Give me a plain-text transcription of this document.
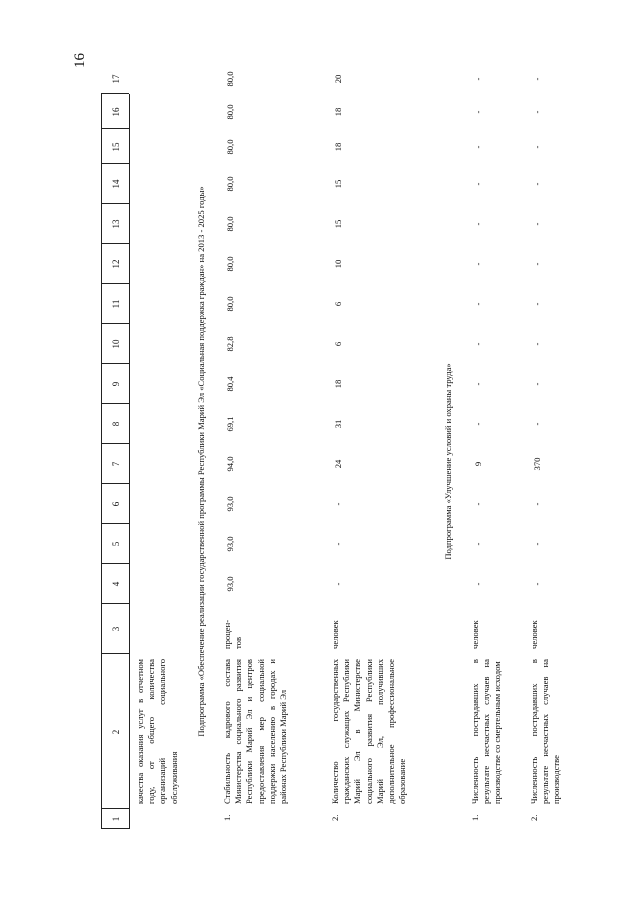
16
1
2
3
4
5
6
7
8
9
10
11
12
13
14
15
16
17
качества оказания услуг в отчетном году, от общего количества организаций социального обслуживания
Подпрограмма «Обеспечение реализации государственной программы Республики Марий Эл «Социальная поддержка граждан» на 2013 - 2025 годы»
1.
Стабильность кадрового состава Министерства социального развития Республики Марий Эл и центров предоставления мер социальной поддержки населению в городах и районах Республики Марий Эл
процен- тов
93,0
93,0
93,0
94,0
69,1
80,4
82,8
80,0
80,0
80,0
80,0
80,0
80,0
80,0
2.
Количество государственных гражданских служащих Республики Марий Эл в Министерстве социального развития Республики Марий Эл, получивших дополнительное профессиональное образование
человек
-
-
-
24
31
18
6
6
10
15
15
18
18
20
Подпрограмма «Улучшение условий и охраны труда»
1.
Численность пострадавших в результате несчастных случаев на производстве со смертельным исходом
человек
-
-
-
9
-
-
-
-
-
-
-
-
-
-
2.
Численность пострадавших в результате несчастных случаев на производстве
человек
-
-
-
370
-
-
-
-
-
-
-
-
-
-
